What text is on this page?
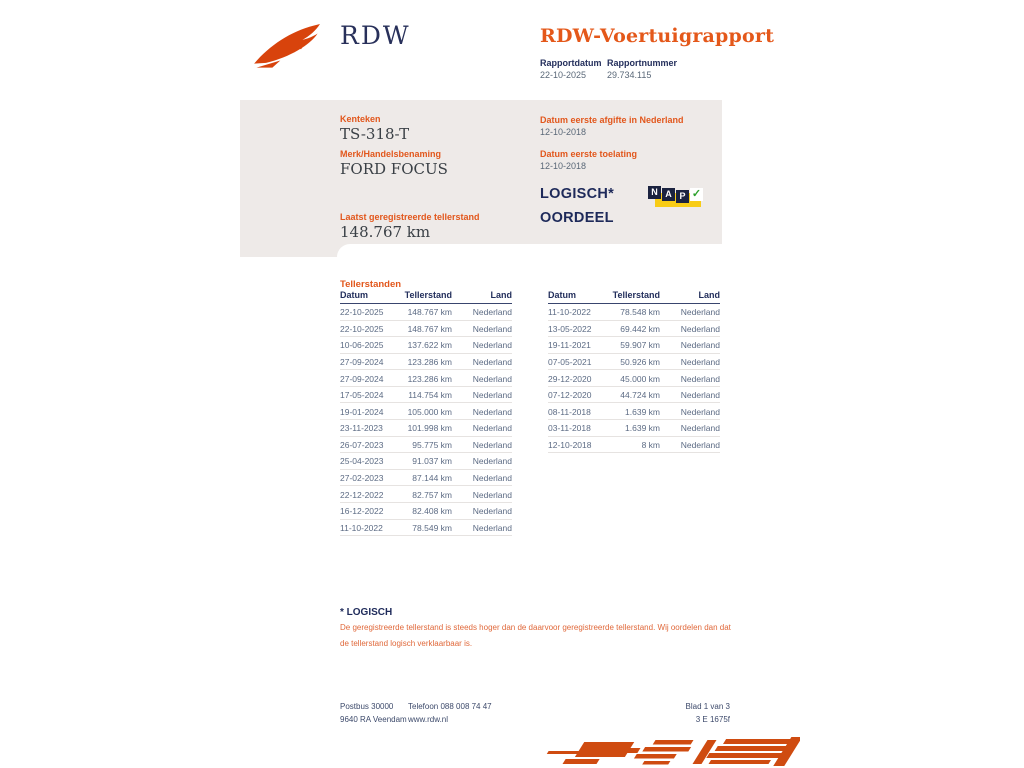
RDW	RDW-Voertuigrapport
Rapportdatum
22-10-2025
Rapportnummer
29.734.115
Kenteken
TS-318-T
Merk/Handelsbenaming
FORD FOCUS
Laatst geregistreerde tellerstand
148.767 km
Datum eerste afgifte in Nederland
12-10-2018
Datum eerste toelating
12-10-2018
LOGISCH*
OORDEEL
N A P ✓
Tellerstanden
Datum	Tellerstand	Land
22-10-2025	148.767 km	Nederland
22-10-2025	148.767 km	Nederland
10-06-2025	137.622 km	Nederland
27-09-2024	123.286 km	Nederland
27-09-2024	123.286 km	Nederland
17-05-2024	114.754 km	Nederland
19-01-2024	105.000 km	Nederland
23-11-2023	101.998 km	Nederland
26-07-2023	95.775 km	Nederland
25-04-2023	91.037 km	Nederland
27-02-2023	87.144 km	Nederland
22-12-2022	82.757 km	Nederland
16-12-2022	82.408 km	Nederland
11-10-2022	78.549 km	Nederland
Datum	Tellerstand	Land
11-10-2022	78.548 km	Nederland
13-05-2022	69.442 km	Nederland
19-11-2021	59.907 km	Nederland
07-05-2021	50.926 km	Nederland
29-12-2020	45.000 km	Nederland
07-12-2020	44.724 km	Nederland
08-11-2018	1.639 km	Nederland
03-11-2018	1.639 km	Nederland
12-10-2018	8 km	Nederland
* LOGISCH
De geregistreerde tellerstand is steeds hoger dan de daarvoor geregistreerde tellerstand. Wij oordelen dan dat de tellerstand logisch verklaarbaar is.
Postbus 30000
9640 RA Veendam
Telefoon 088 008 74 47
www.rdw.nl
Blad 1 van 3
3 E 1675f
